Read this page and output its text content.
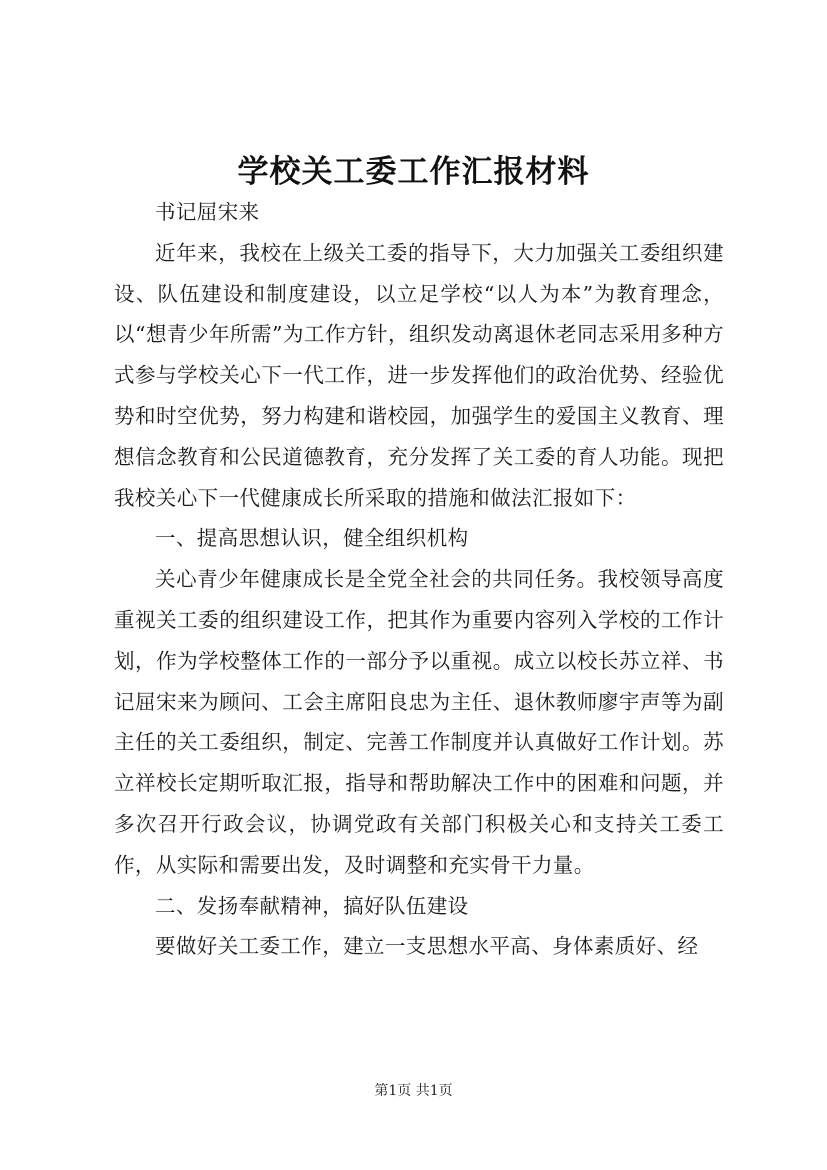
学校关工委工作汇报材料

书记屈宋来

近年来，我校在上级关工委的指导下，大力加强关工委组织建设、队伍建设和制度建设，以立足学校“以人为本”为教育理念，以“想青少年所需”为工作方针，组织发动离退休老同志采用多种方式参与学校关心下一代工作，进一步发挥他们的政治优势、经验优势和时空优势，努力构建和谐校园，加强学生的爱国主义教育、理想信念教育和公民道德教育，充分发挥了关工委的育人功能。现把我校关心下一代健康成长所采取的措施和做法汇报如下：

一、提高思想认识，健全组织机构

关心青少年健康成长是全党全社会的共同任务。我校领导高度重视关工委的组织建设工作，把其作为重要内容列入学校的工作计划，作为学校整体工作的一部分予以重视。成立以校长苏立祥、书记屈宋来为顾问、工会主席阳良忠为主任、退休教师廖宇声等为副主任的关工委组织，制定、完善工作制度并认真做好工作计划。苏立祥校长定期听取汇报，指导和帮助解决工作中的困难和问题，并多次召开行政会议，协调党政有关部门积极关心和支持关工委工作，从实际和需要出发，及时调整和充实骨干力量。

二、发扬奉献精神，搞好队伍建设

要做好关工委工作，建立一支思想水平高、身体素质好、经

第1页 共1页
